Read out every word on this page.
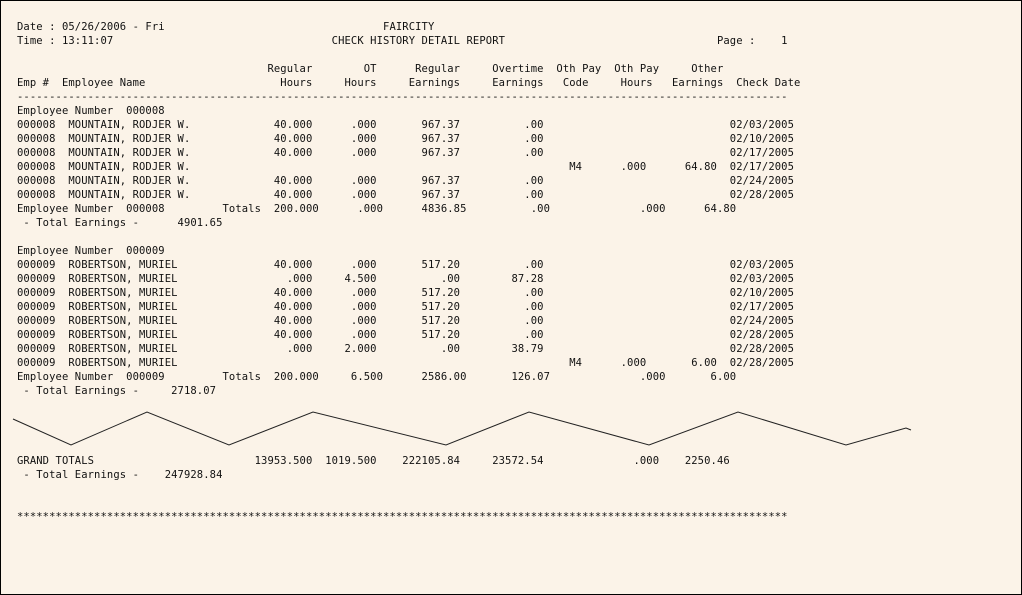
Date : 05/26/2006 - Fri                                  FAIRCITY
Time : 13:11:07                                  CHECK HISTORY DETAIL REPORT                                 Page :    1
Regular        OT      Regular     Overtime  Oth Pay  Oth Pay     Other
Emp #  Employee Name                     Hours     Hours     Earnings     Earnings   Code     Hours   Earnings  Check Date
------------------------------------------------------------------------------------------------------------------------
Employee Number  000008
000008  MOUNTAIN, RODJER W.             40.000      .000       967.37          .00                             02/03/2005
000008  MOUNTAIN, RODJER W.             40.000      .000       967.37          .00                             02/10/2005
000008  MOUNTAIN, RODJER W.             40.000      .000       967.37          .00                             02/17/2005
000008  MOUNTAIN, RODJER W.                                                           M4      .000      64.80  02/17/2005
000008  MOUNTAIN, RODJER W.             40.000      .000       967.37          .00                             02/24/2005
000008  MOUNTAIN, RODJER W.             40.000      .000       967.37          .00                             02/28/2005
Employee Number  000008         Totals  200.000      .000      4836.85          .00              .000      64.80
- Total Earnings -      4901.65
Employee Number  000009
000009  ROBERTSON, MURIEL               40.000      .000       517.20          .00                             02/03/2005
000009  ROBERTSON, MURIEL                 .000     4.500          .00        87.28                             02/03/2005
000009  ROBERTSON, MURIEL               40.000      .000       517.20          .00                             02/10/2005
000009  ROBERTSON, MURIEL               40.000      .000       517.20          .00                             02/17/2005
000009  ROBERTSON, MURIEL               40.000      .000       517.20          .00                             02/24/2005
000009  ROBERTSON, MURIEL               40.000      .000       517.20          .00                             02/28/2005
000009  ROBERTSON, MURIEL                 .000     2.000          .00        38.79                             02/28/2005
000009  ROBERTSON, MURIEL                                                             M4      .000       6.00  02/28/2005
Employee Number  000009         Totals  200.000     6.500      2586.00       126.07              .000       6.00
- Total Earnings -     2718.07
GRAND TOTALS                         13953.500  1019.500    222105.84     23572.54              .000    2250.46
- Total Earnings -    247928.84
************************************************************************************************************************
